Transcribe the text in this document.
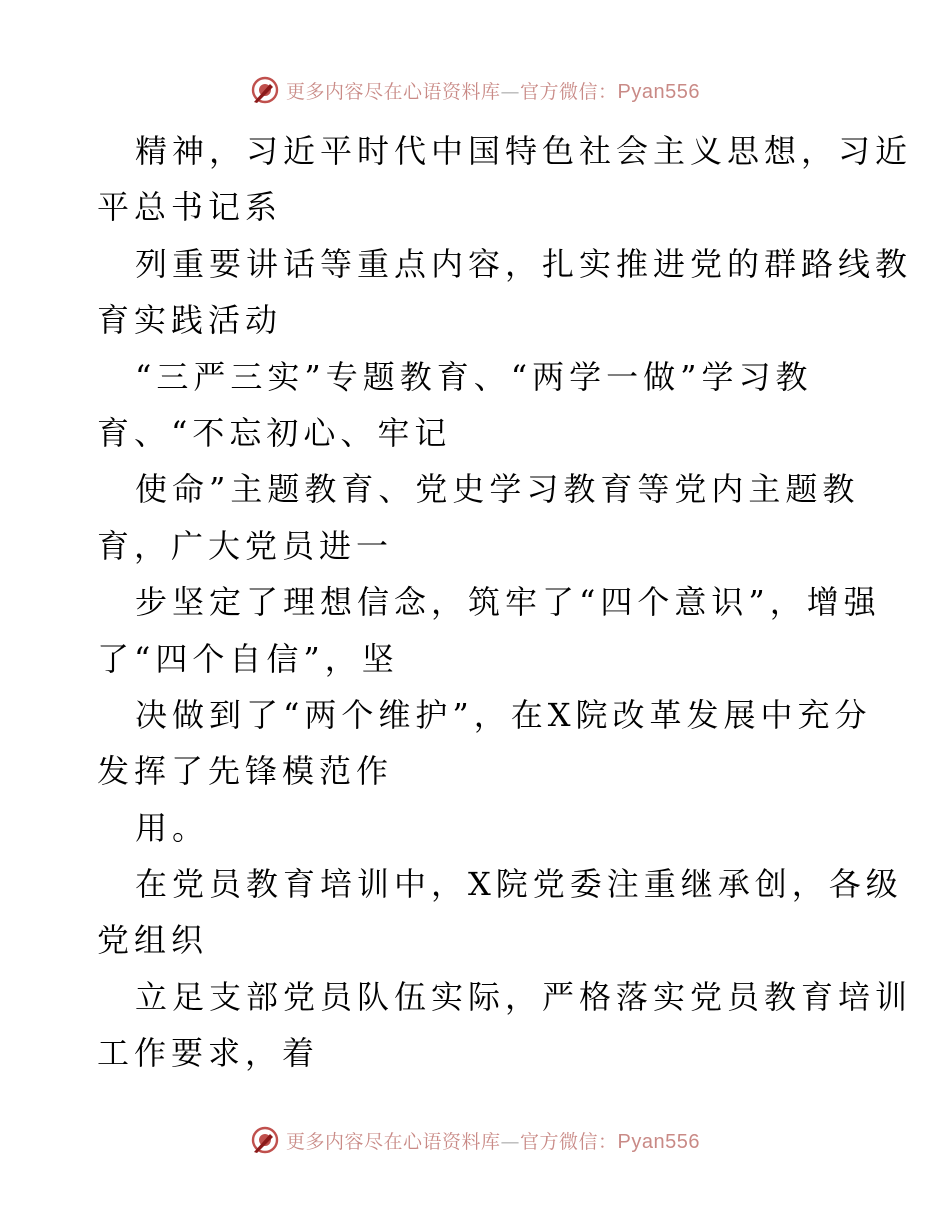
更多内容尽在心语资料库—官方微信：Pyan556
精神，习近平时代中国特色社会主义思想，习近
平总书记系
列重要讲话等重点内容，扎实推进党的群路线教
育实践活动
“三严三实”专题教育、“两学一做”学习教
育、“不忘初心、牢记
使命”主题教育、党史学习教育等党内主题教
育，广大党员进一
步坚定了理想信念，筑牢了“四个意识”，增强
了“四个自信”，坚
决做到了“两个维护”，在X院改革发展中充分
发挥了先锋模范作
用。
在党员教育培训中，X院党委注重继承创，各级
党组织
立足支部党员队伍实际，严格落实党员教育培训
工作要求，着
更多内容尽在心语资料库—官方微信：Pyan556
